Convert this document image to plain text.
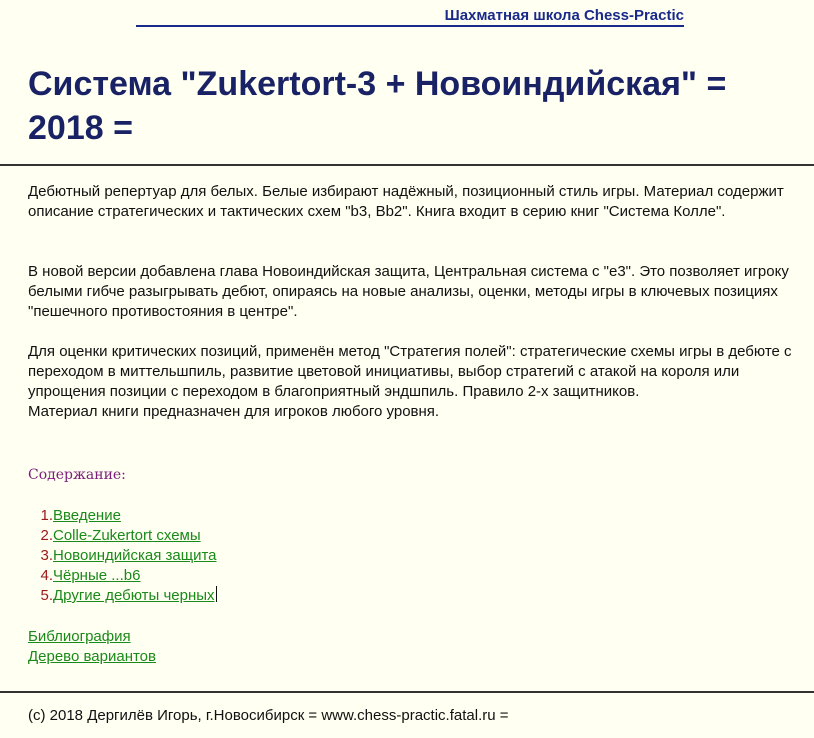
Шахматная школа Chess-Practic
Система "Zukertort-3 + Новоиндийская" = 2018 =

Дебютный репертуар для белых. Белые избирают надёжный, позиционный стиль игры. Материал содержит описание стратегических и тактических схем "b3, Bb2". Книга входит в серию книг "Система Колле".

В новой версии добавлена глава Новоиндийская защита, Центральная система с "e3". Это позволяет игроку белыми гибче разыгрывать дебют, опираясь на новые анализы, оценки, методы игры в ключевых позициях "пешечного противостояния в центре".

Для оценки критических позиций, применён метод "Стратегия полей": стратегические схемы игры в дебюте с переходом в миттельшпиль, развитие цветовой инициативы, выбор стратегий с атакой на короля или упрощения позиции с переходом в благоприятный эндшпиль. Правило 2-х защитников.
Материал книги предназначен для игроков любого уровня.

Содержание:

1. Введение
2. Colle-Zukertort схемы
3. Новоиндийская защита
4. Чёрные ...b6
5. Другие дебюты черных
Библиография
Дерево вариантов
(c) 2018 Дергилёв Игорь, г.Новосибирск = www.chess-practic.fatal.ru =
